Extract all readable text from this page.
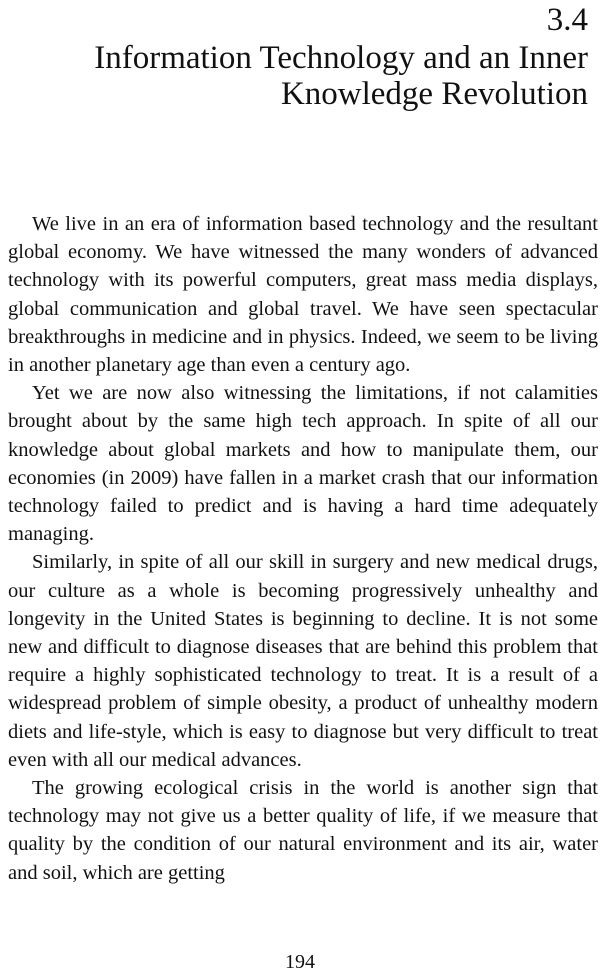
3.4
Information Technology and an Inner
Knowledge Revolution

We live in an era of information based technology and the resultant global economy. We have witnessed the many wonders of advanced technology with its powerful computers, great mass media displays, global communication and global travel. We have seen spectacular breakthroughs in medicine and in physics. Indeed, we seem to be living in another planetary age than even a century ago.

Yet we are now also witnessing the limitations, if not calamities brought about by the same high tech approach. In spite of all our knowledge about global markets and how to manipulate them, our economies (in 2009) have fallen in a market crash that our information technology failed to predict and is having a hard time adequately managing.

Similarly, in spite of all our skill in surgery and new medical drugs, our culture as a whole is becoming progressively unhealthy and longevity in the United States is beginning to decline. It is not some new and difficult to diagnose diseases that are behind this problem that require a highly sophisticated technology to treat. It is a result of a widespread problem of simple obesity, a product of unhealthy modern diets and life-style, which is easy to diagnose but very difficult to treat even with all our medical advances.

The growing ecological crisis in the world is another sign that technology may not give us a better quality of life, if we measure that quality by the condition of our natural environment and its air, water and soil, which are getting

194
